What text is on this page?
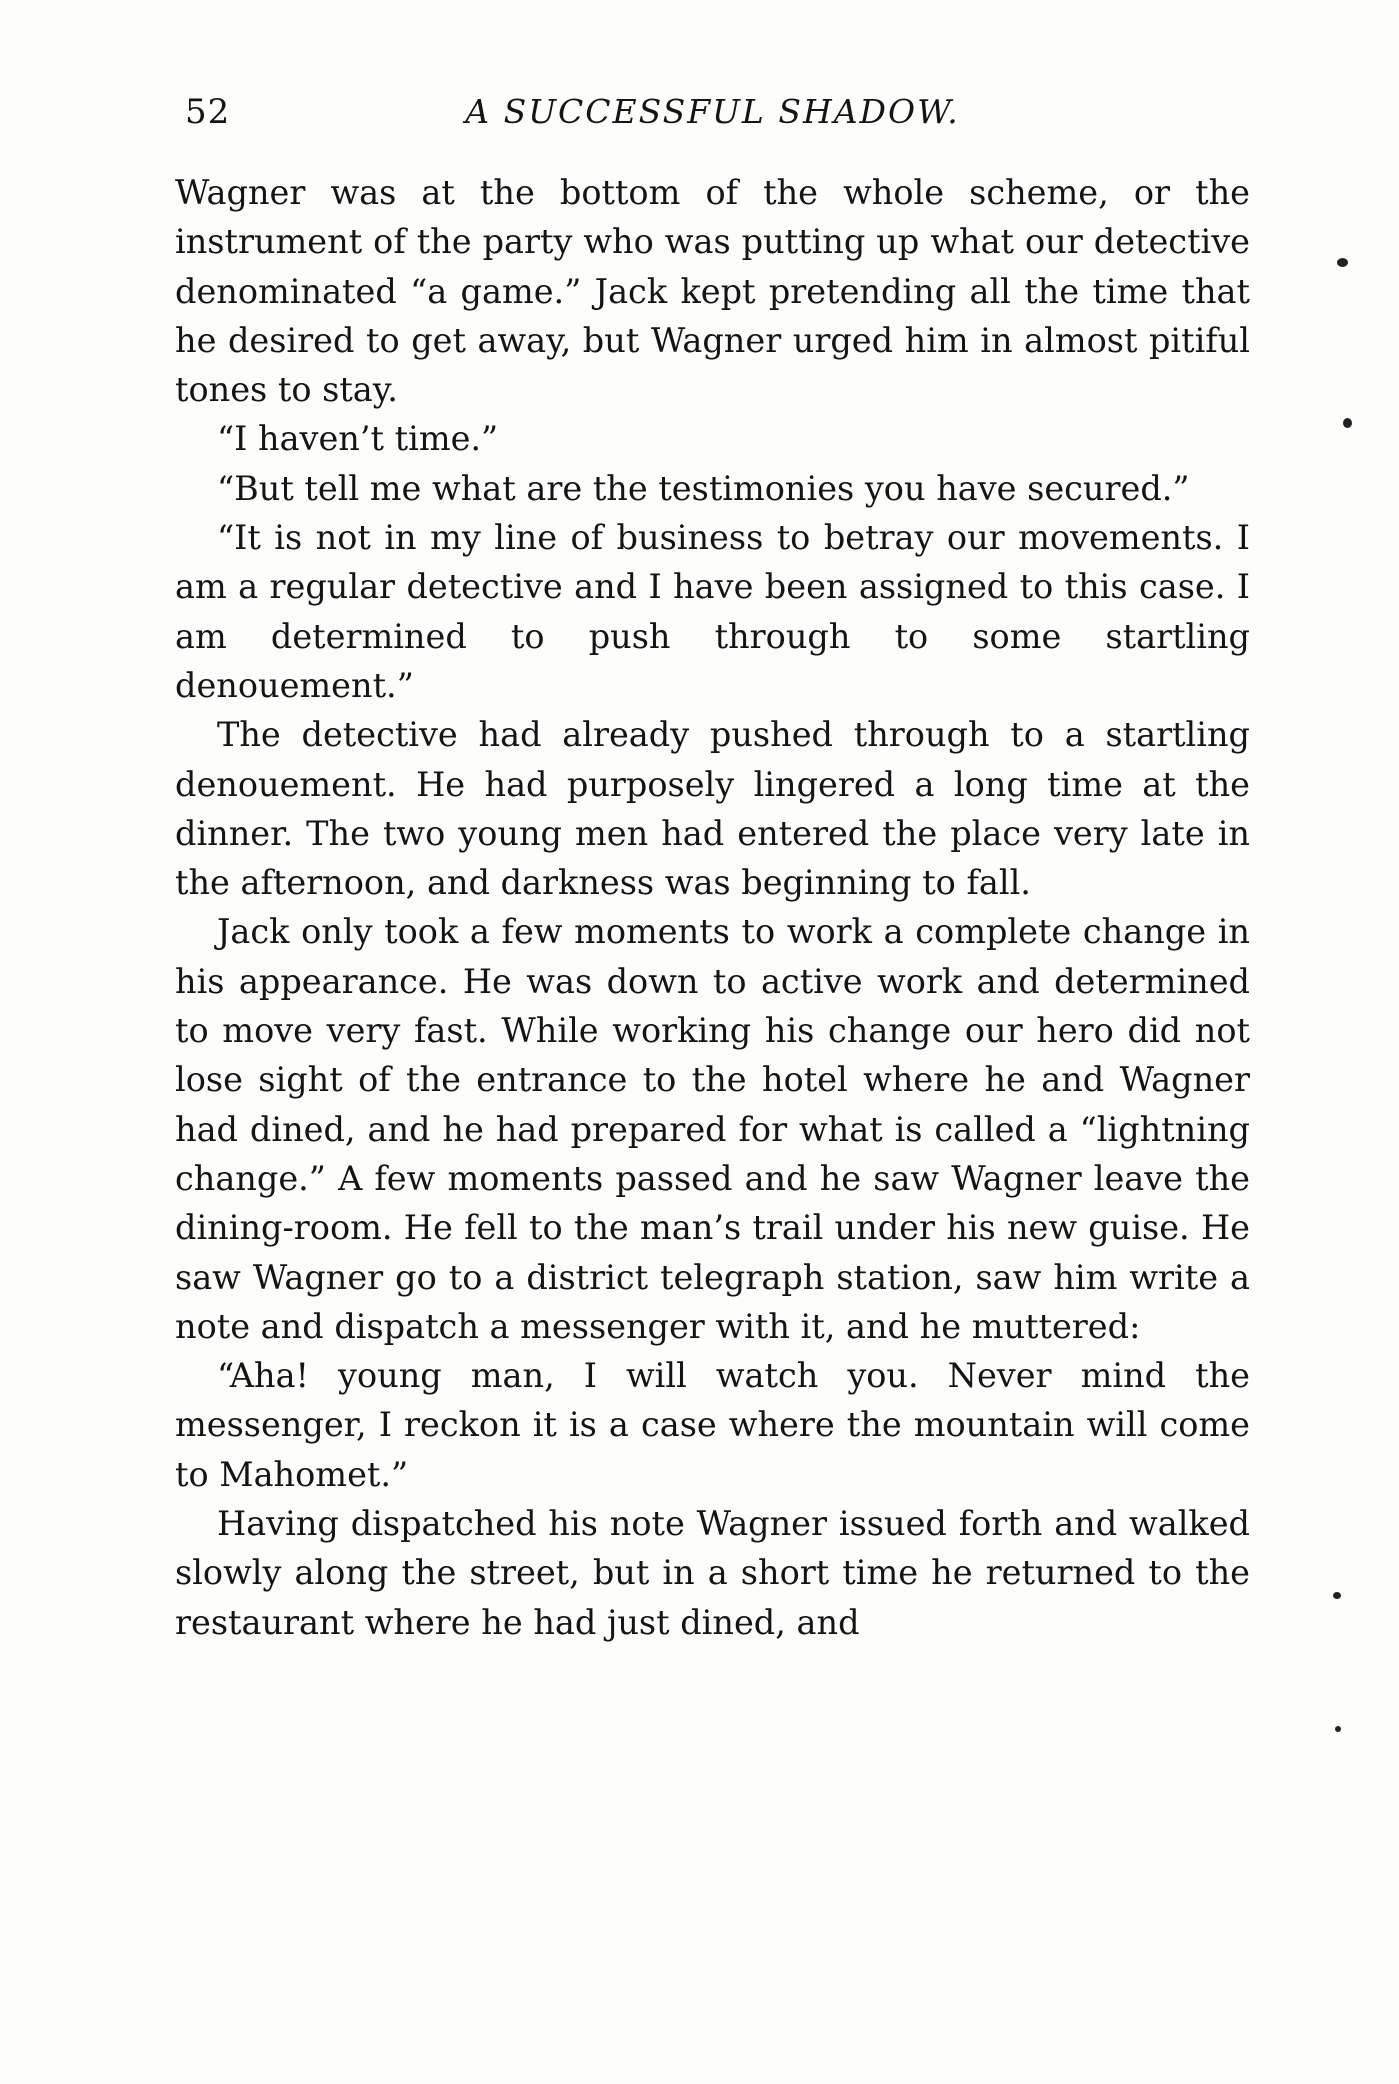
52	A SUCCESSFUL SHADOW.

Wagner was at the bottom of the whole scheme, or the instrument of the party who was putting up what our detective denominated “a game.” Jack kept pretending all the time that he desired to get away, but Wagner urged him in almost pitiful tones to stay.

“I haven’t time.”

“But tell me what are the testimonies you have secured.”

“It is not in my line of business to betray our movements. I am a regular detective and I have been assigned to this case. I am determined to push through to some startling denouement.”

The detective had already pushed through to a startling denouement. He had purposely lingered a long time at the dinner. The two young men had entered the place very late in the afternoon, and darkness was beginning to fall.

Jack only took a few moments to work a complete change in his appearance. He was down to active work and determined to move very fast. While working his change our hero did not lose sight of the entrance to the hotel where he and Wagner had dined, and he had prepared for what is called a “lightning change.” A few moments passed and he saw Wagner leave the dining-room. He fell to the man’s trail under his new guise. He saw Wagner go to a district telegraph station, saw him write a note and dispatch a messenger with it, and he muttered:

“Aha! young man, I will watch you. Never mind the messenger, I reckon it is a case where the mountain will come to Mahomet.”

Having dispatched his note Wagner issued forth and walked slowly along the street, but in a short time he returned to the restaurant where he had just dined, and
